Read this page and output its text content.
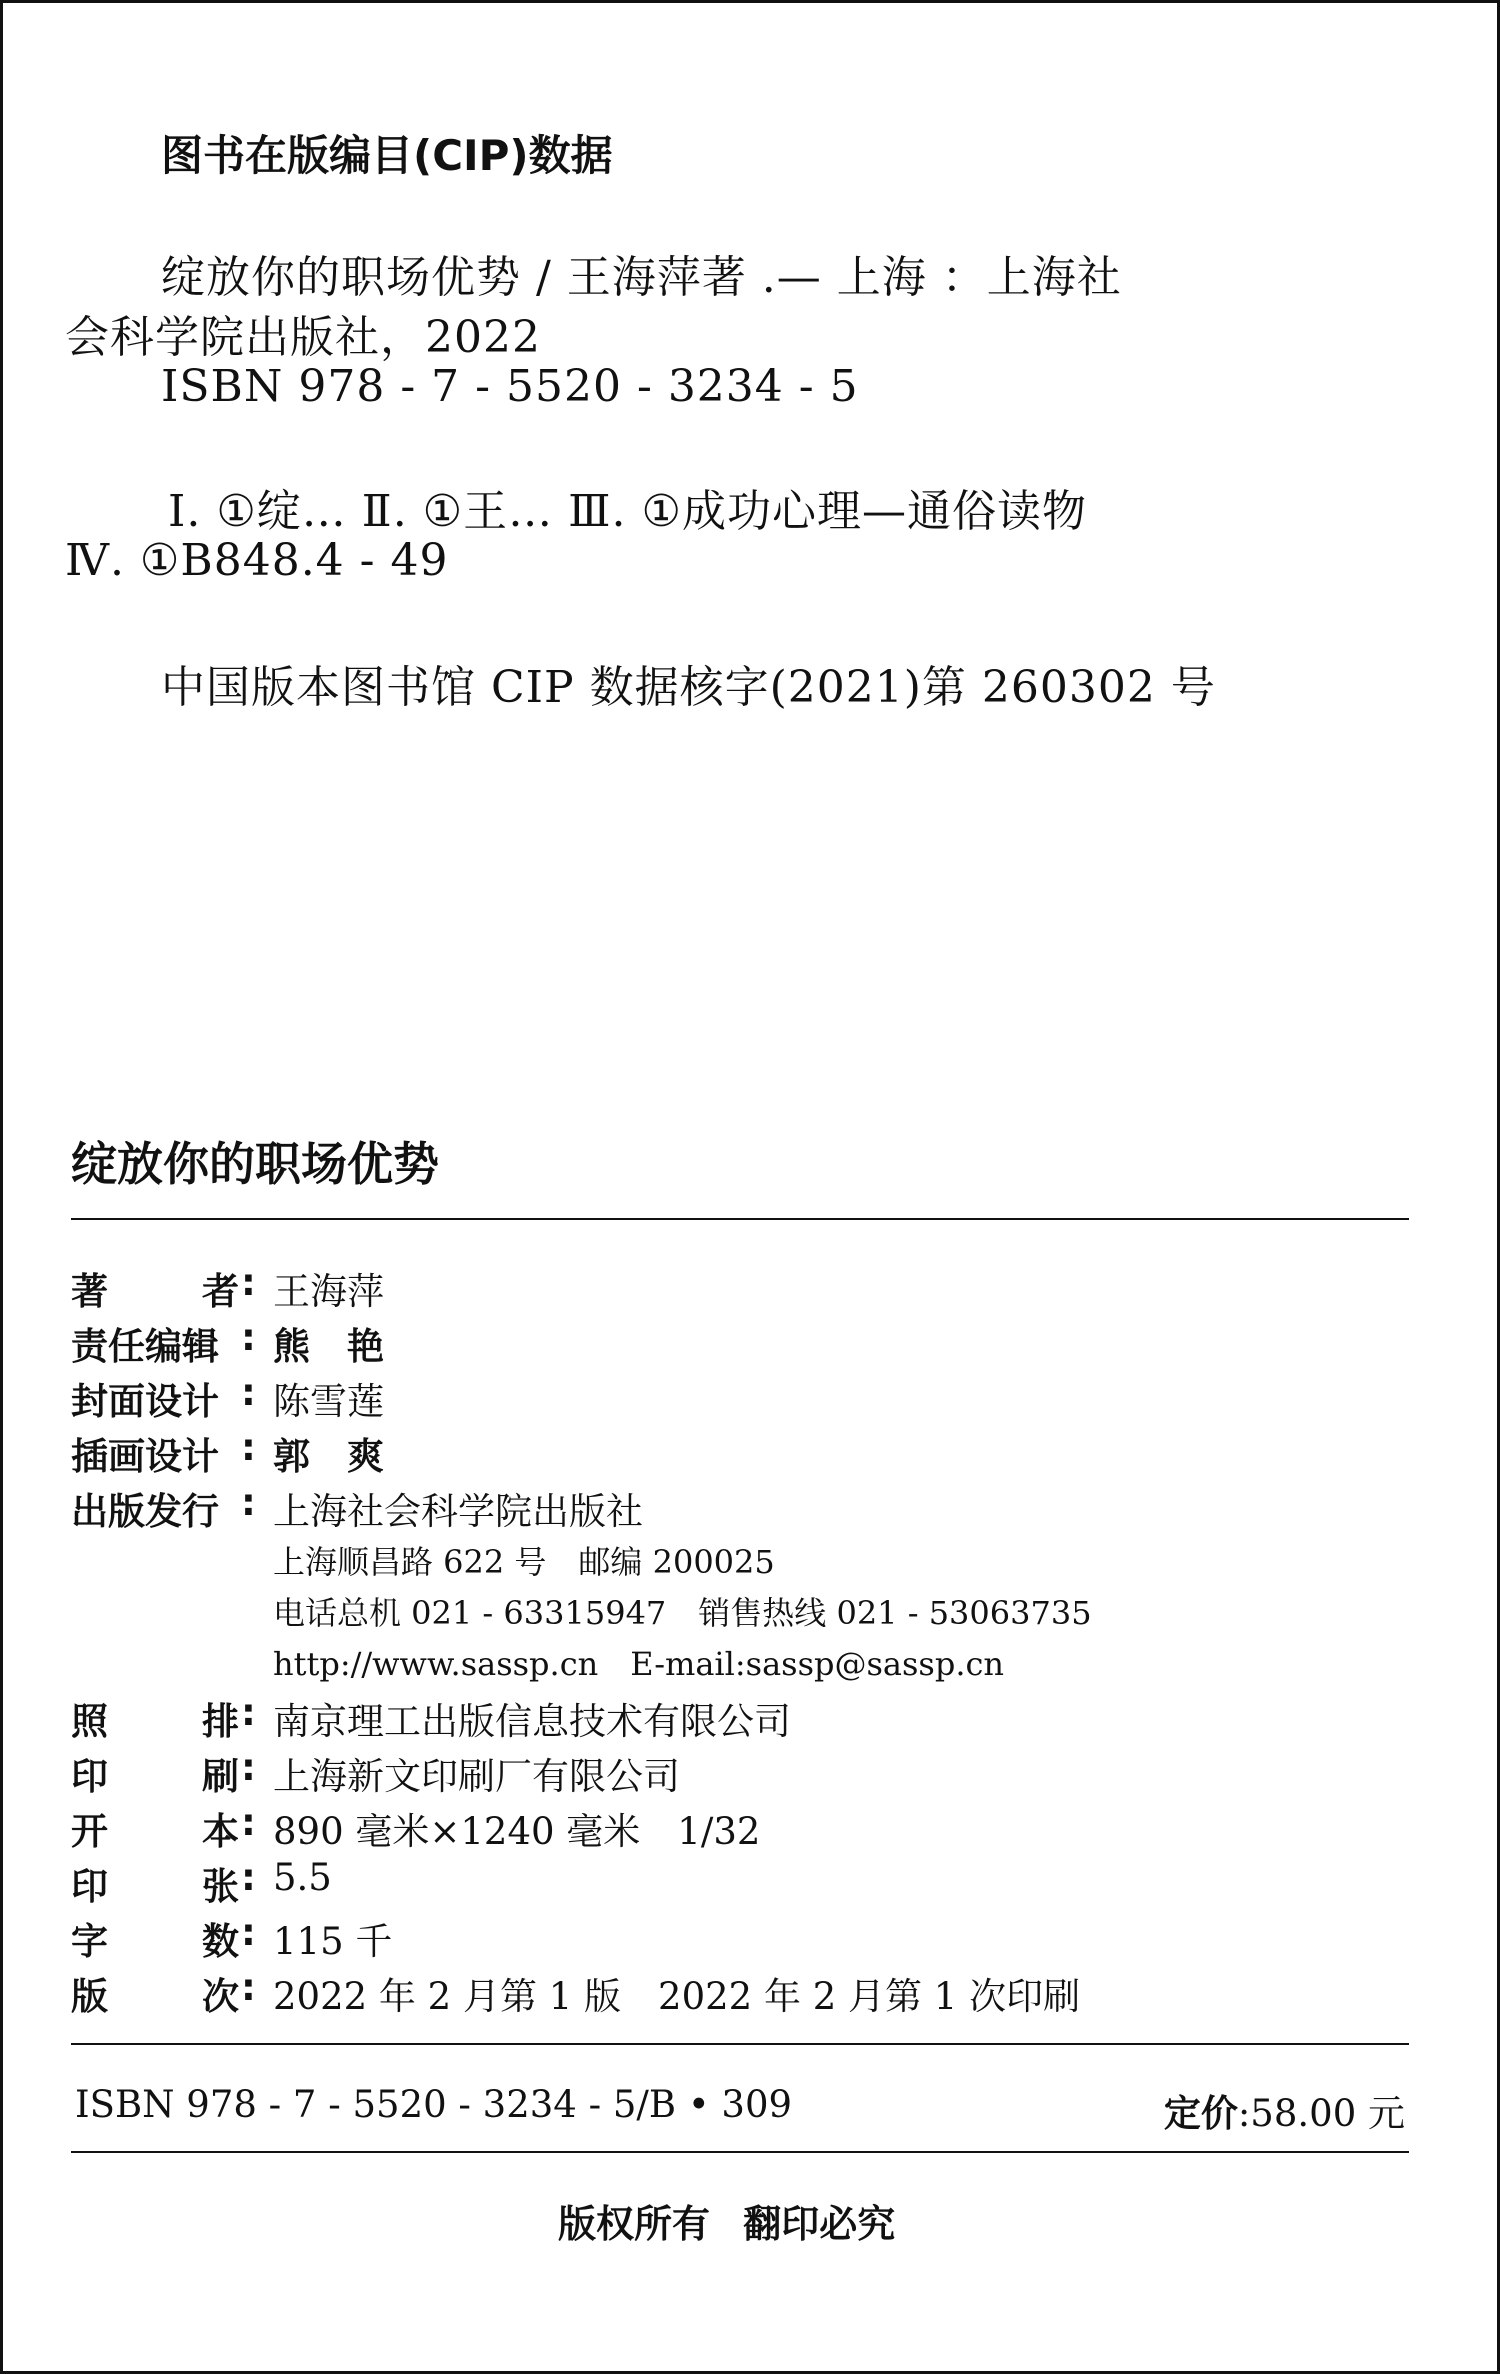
图书在版编目(CIP)数据
绽放你的职场优势 / 王海萍著 .— 上海 ：上海社
会科学院出版社，2022
ISBN 978 - 7 - 5520 - 3234 - 5
Ⅰ. ①绽… Ⅱ. ①王… Ⅲ. ①成功心理—通俗读物
Ⅳ. ①B848.4 - 49
中国版本图书馆 CIP 数据核字(2021)第 260302 号
绽放你的职场优势
著	者 : 王海萍
责任编辑 : 熊　艳
封面设计 : 陈雪莲
插画设计 : 郭　爽
出版发行 : 上海社会科学院出版社
上海顺昌路 622 号　邮编 200025
电话总机 021 - 63315947　销售热线 021 - 53063735
http://www.sassp.cn　E-mail:sassp@sassp.cn
照	排 : 南京理工出版信息技术有限公司
印	刷 : 上海新文印刷厂有限公司
开	本 : 890 毫米×1240 毫米　1/32
印	张 : 5.5
字	数 : 115 千
版	次 : 2022 年 2 月第 1 版　2022 年 2 月第 1 次印刷
ISBN 978 - 7 - 5520 - 3234 - 5/B • 309	定价:58.00 元
版权所有 翻印必究
